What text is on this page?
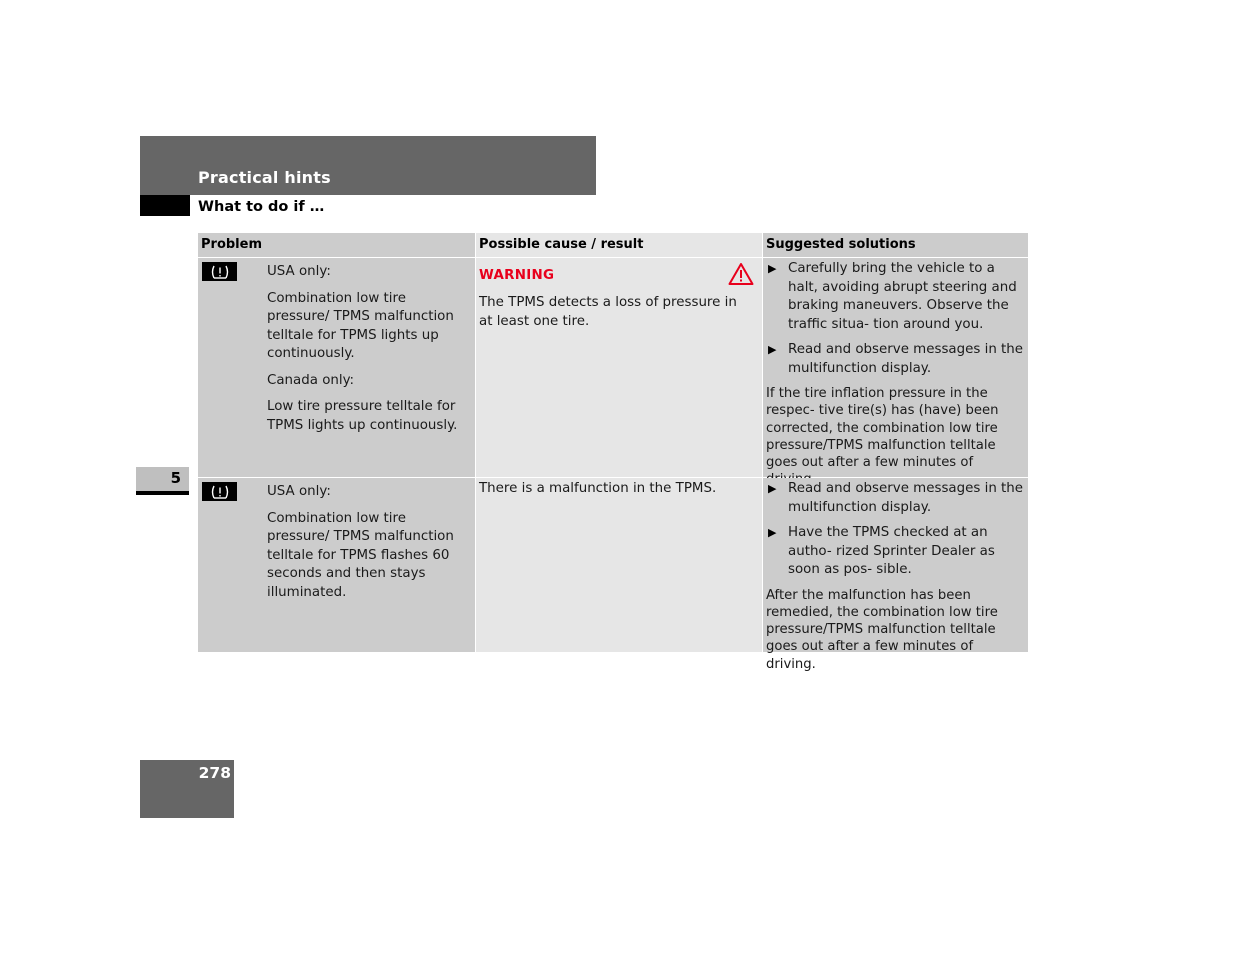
Practical hints
What to do if …
5
Problem	Possible cause / result	Suggested solutions

USA only:

Combination low tire pressure/ TPMS malfunction telltale for TPMS lights up continuously.

Canada only:

Low tire pressure telltale for TPMS lights up continuously.

WARNING

The TPMS detects a loss of pressure in at least one tire.

▶ Carefully bring the vehicle to a halt, avoiding abrupt steering and braking maneuvers. Observe the traffic situa- tion around you.
▶ Read and observe messages in the multifunction display.

If the tire inflation pressure in the respec- tive tire(s) has (have) been corrected, the combination low tire pressure/TPMS malfunction telltale goes out after a few minutes of

USA only:

Combination low tire pressure/ TPMS malfunction telltale for TPMS flashes 60 seconds and then stays illuminated.

There is a malfunction in the TPMS.

▶	Read and observe messages in the multifunction display.
▶ Have the TPMS checked at an autho- rized Sprinter Dealer as soon as pos- sible.

After the malfunction has been remedied, the combination low tire pressure/TPMS malfunction telltale goes out after a few minutes of driving.

278
